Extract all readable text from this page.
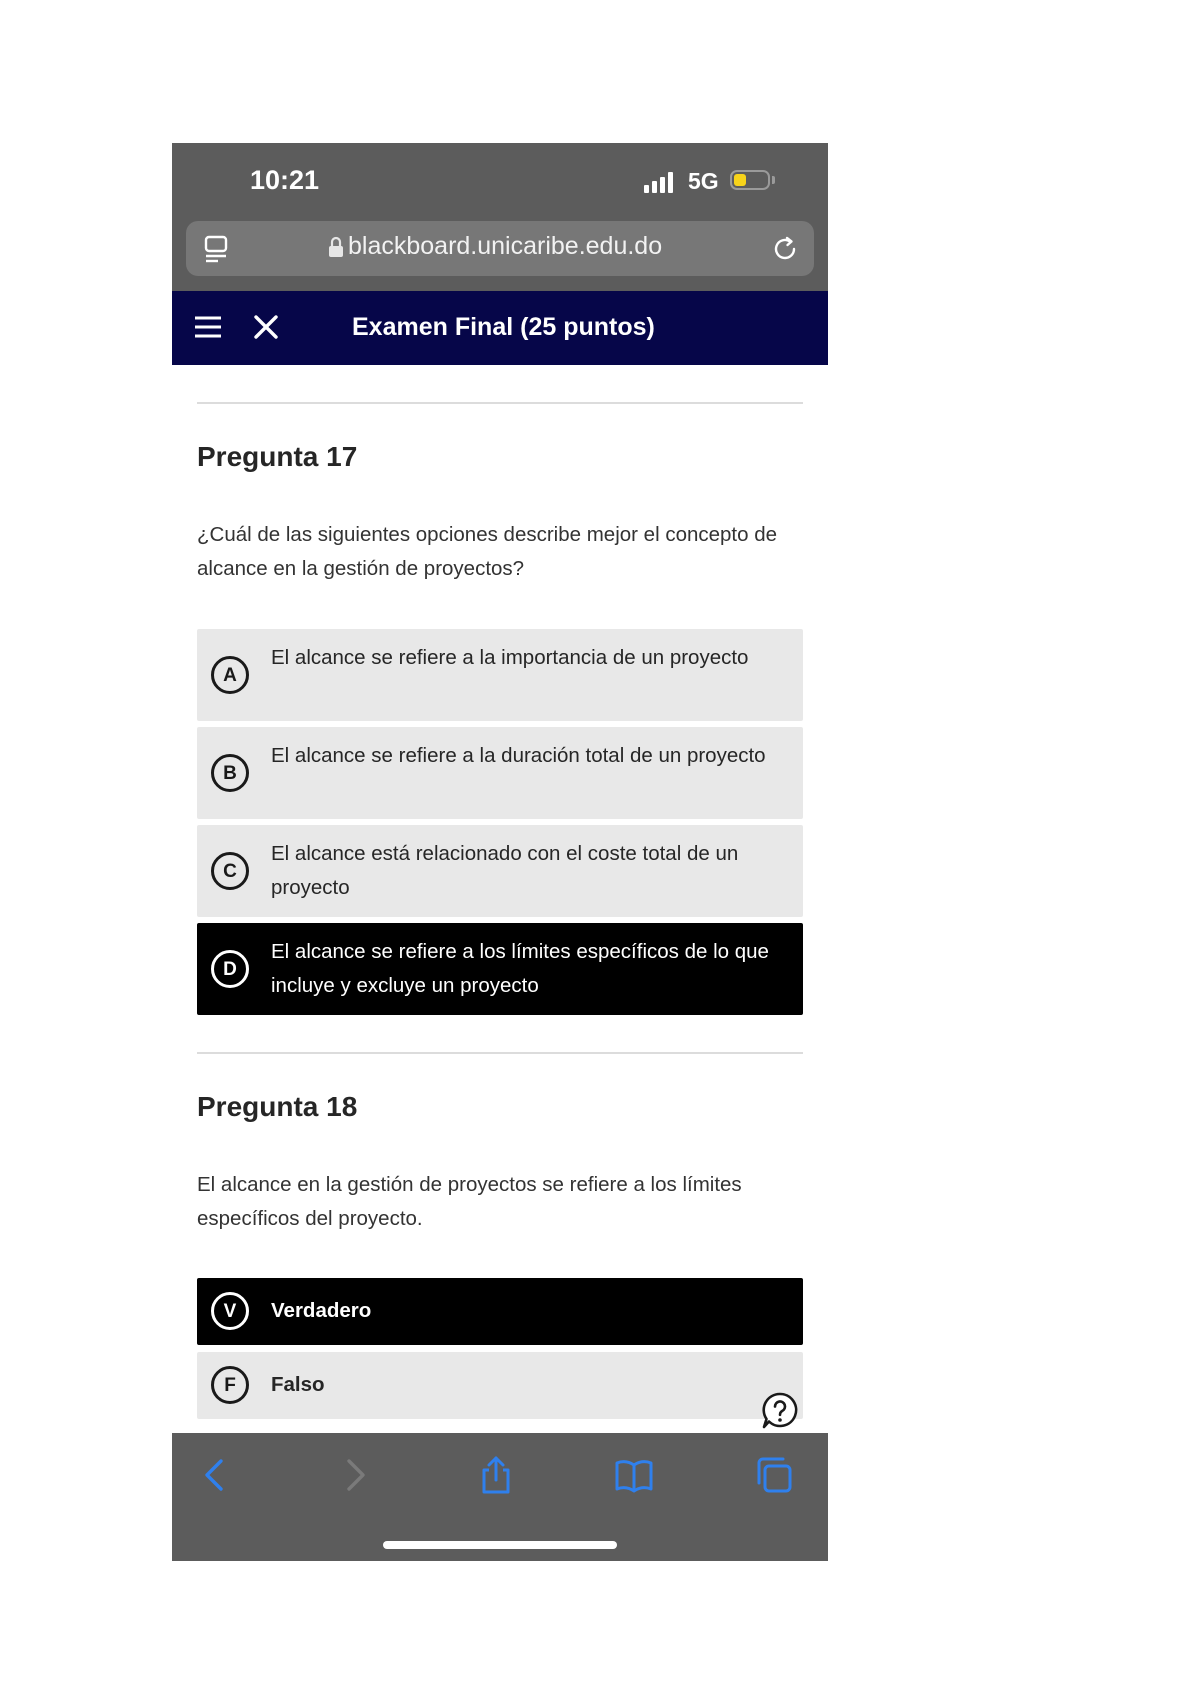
10:21	5G
blackboard.unicaribe.edu.do
Examen Final (25 puntos)
Pregunta 17
¿Cuál de las siguientes opciones describe mejor el concepto de alcance en la gestión de proyectos?
A
El alcance se refiere a la importancia de un proyecto
B
El alcance se refiere a la duración total de un proyecto
C
El alcance está relacionado con el coste total de un proyecto
D
El alcance se refiere a los límites específicos de lo que incluye y excluye un proyecto
Pregunta 18
El alcance en la gestión de proyectos se refiere a los límites específicos del proyecto.
V	Verdadero
F	Falso
